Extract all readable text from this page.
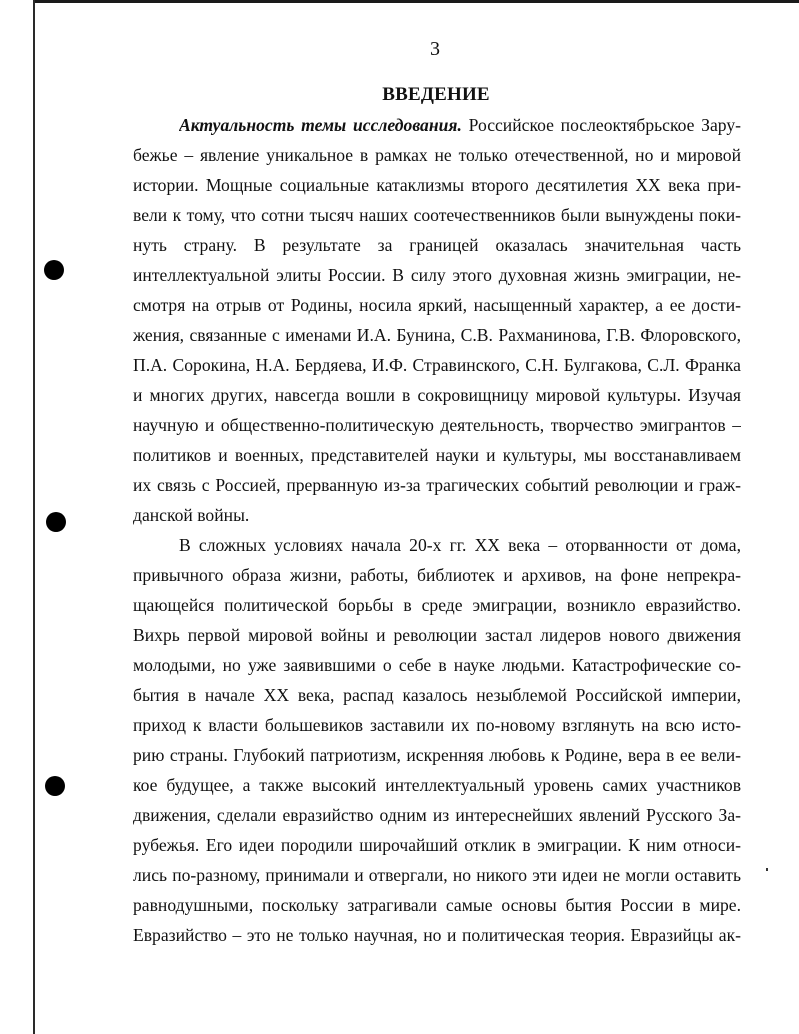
3
ВВЕДЕНИЕ
Актуальность темы исследования. Российское послеоктябрьское Зару-
бежье – явление уникальное в рамках не только отечественной, но и мировой
истории. Мощные социальные катаклизмы второго десятилетия XX века при-
вели к тому, что сотни тысяч наших соотечественников были вынуждены поки-
нуть страну. В результате за границей оказалась значительная часть
интеллектуальной элиты России. В силу этого духовная жизнь эмиграции, не-
смотря на отрыв от Родины, носила яркий, насыщенный характер, а ее дости-
жения, связанные с именами И.А. Бунина, С.В. Рахманинова, Г.В. Флоровского,
П.А. Сорокина, Н.А. Бердяева, И.Ф. Стравинского, С.Н. Булгакова, С.Л. Франка
и многих других, навсегда вошли в сокровищницу мировой культуры. Изучая
научную и общественно-политическую деятельность, творчество эмигрантов –
политиков и военных, представителей науки и культуры, мы восстанавливаем
их связь с Россией, прерванную из-за трагических событий революции и граж-
данской войны.
В сложных условиях начала 20-х гг. XX века – оторванности от дома,
привычного образа жизни, работы, библиотек и архивов, на фоне непрекра-
щающейся политической борьбы в среде эмиграции, возникло евразийство.
Вихрь первой мировой войны и революции застал лидеров нового движения
молодыми, но уже заявившими о себе в науке людьми. Катастрофические со-
бытия в начале XX века, распад казалось незыблемой Российской империи,
приход к власти большевиков заставили их по-новому взглянуть на всю исто-
рию страны. Глубокий патриотизм, искренняя любовь к Родине, вера в ее вели-
кое будущее, а также высокий интеллектуальный уровень самих участников
движения, сделали евразийство одним из интереснейших явлений Русского За-
рубежья. Его идеи породили широчайший отклик в эмиграции. К ним относи-
лись по-разному, принимали и отвергали, но никого эти идеи не могли оставить
равнодушными, поскольку затрагивали самые основы бытия России в мире.
Евразийство – это не только научная, но и политическая теория. Евразийцы ак-
